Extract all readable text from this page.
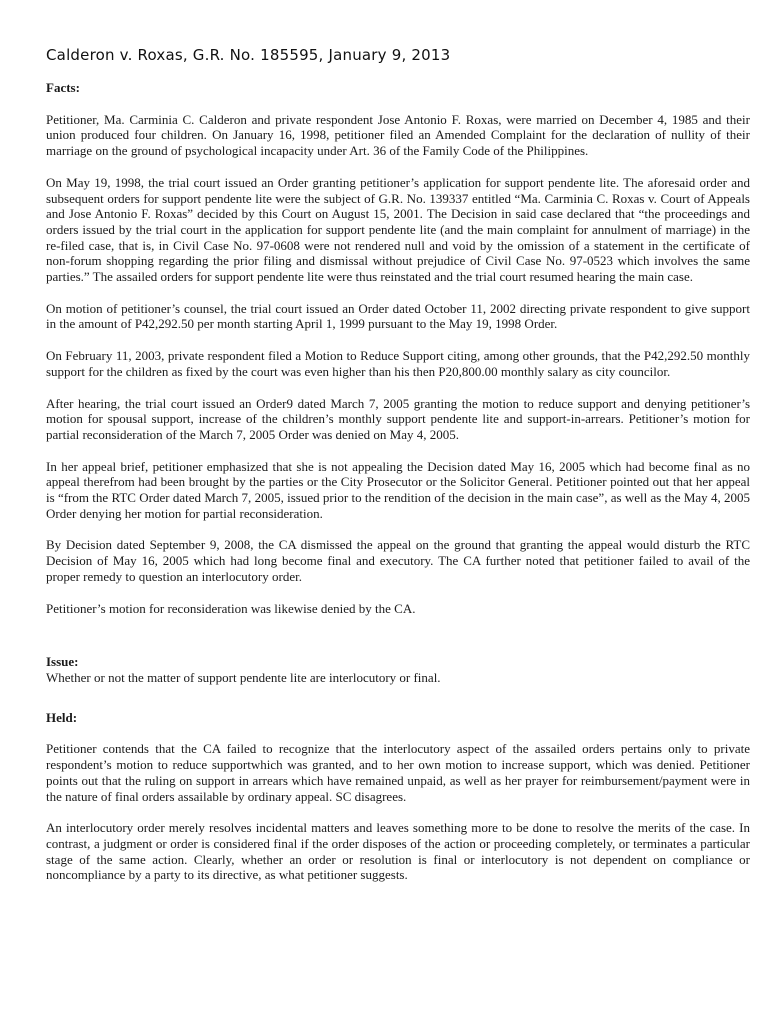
Calderon v. Roxas, G.R. No. 185595, January 9, 2013
Facts:

Petitioner, Ma. Carminia C. Calderon and private respondent Jose Antonio F. Roxas, were married on December 4, 1985 and their union produced four children. On January 16, 1998, petitioner filed an Amended Complaint for the declaration of nullity of their marriage on the ground of psychological incapacity under Art. 36 of the Family Code of the Philippines.

On May 19, 1998, the trial court issued an Order granting petitioner’s application for support pendente lite. The aforesaid order and subsequent orders for support pendente lite were the subject of G.R. No. 139337 entitled “Ma. Carminia C. Roxas v. Court of Appeals and Jose Antonio F. Roxas” decided by this Court on August 15, 2001. The Decision in said case declared that “the proceedings and orders issued by the trial court in the application for support pendente lite (and the main complaint for annulment of marriage) in the re-filed case, that is, in Civil Case No. 97-0608 were not rendered null and void by the omission of a statement in the certificate of non-forum shopping regarding the prior filing and dismissal without prejudice of Civil Case No. 97-0523 which involves the same parties.” The assailed orders for support pendente lite were thus reinstated and the trial court resumed hearing the main case.

On motion of petitioner’s counsel, the trial court issued an Order dated October 11, 2002 directing private respondent to give support in the amount of P42,292.50 per month starting April 1, 1999 pursuant to the May 19, 1998 Order.

On February 11, 2003, private respondent filed a Motion to Reduce Support citing, among other grounds, that the P42,292.50 monthly support for the children as fixed by the court was even higher than his then P20,800.00 monthly salary as city councilor.

After hearing, the trial court issued an Order9 dated March 7, 2005 granting the motion to reduce support and denying petitioner’s motion for spousal support, increase of the children’s monthly support pendente lite and support-in-arrears. Petitioner’s motion for partial reconsideration of the March 7, 2005 Order was denied on May 4, 2005.

In her appeal brief, petitioner emphasized that she is not appealing the Decision dated May 16, 2005 which had become final as no appeal therefrom had been brought by the parties or the City Prosecutor or the Solicitor General. Petitioner pointed out that her appeal is “from the RTC Order dated March 7, 2005, issued prior to the rendition of the decision in the main case”, as well as the May 4, 2005 Order denying her motion for partial reconsideration.

By Decision dated September 9, 2008, the CA dismissed the appeal on the ground that granting the appeal would disturb the RTC Decision of May 16, 2005 which had long become final and executory. The CA further noted that petitioner failed to avail of the proper remedy to question an interlocutory order.

Petitioner’s motion for reconsideration was likewise denied by the CA.

Issue:

Whether or not the matter of support pendente lite are interlocutory or final.

Held:

Petitioner contends that the CA failed to recognize that the interlocutory aspect of the assailed orders pertains only to private respondent’s motion to reduce supportwhich was granted, and to her own motion to increase support, which was denied. Petitioner points out that the ruling on support in arrears which have remained unpaid, as well as her prayer for reimbursement/payment were in the nature of final orders assailable by ordinary appeal. SC disagrees.

An interlocutory order merely resolves incidental matters and leaves something more to be done to resolve the merits of the case. In contrast, a judgment or order is considered final if the order disposes of the action or proceeding completely, or terminates a particular stage of the same action. Clearly, whether an order or resolution is final or interlocutory is not dependent on compliance or noncompliance by a party to its directive, as what petitioner suggests.
